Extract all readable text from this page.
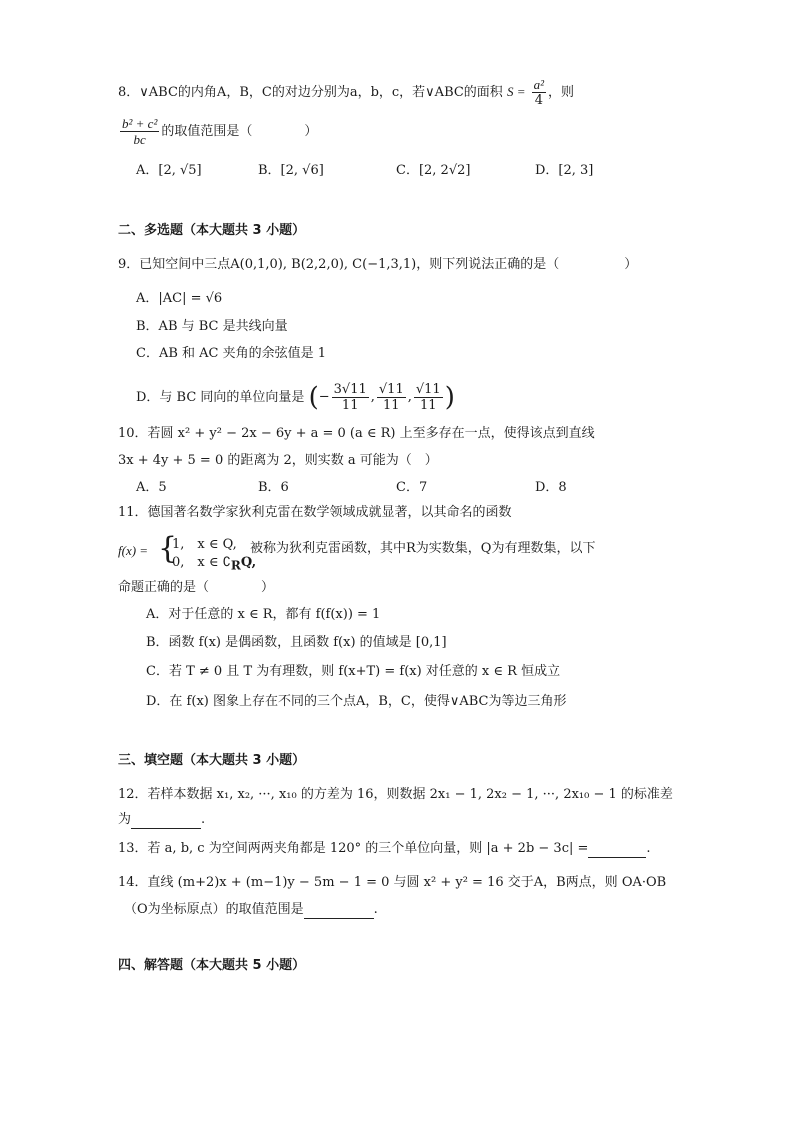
8．∨ABC的内角A，B，C的对边分别为a，b，c，若∨ABC的面积 $S = \frac{\text{a²}}{4}$ ，则
$\frac{\text{b² + c²}}{bc}$ 的取值范围是（　　　　）
A．[2, √5]	B．[2, √6]	C．[2, 2√2]	D．[2, 3]
二、多选题（本大题共 3 小题）
9．已知空间中三点A(0,1,0), B(2,2,0), C(−1,3,1)，则下列说法正确的是（　　　　　）
A．|AC| = √6
B．AB 与 BC 是共线向量
C．AB 和 AC 夹角的余弦值是 1
D．与 BC 同向的单位向量是 (− $\frac{3√11}{11}$ , $\frac{√11}{11}$ , $\frac{√11}{11}$ )
10．若圆 x² + y² − 2x − 6y + a = 0 (a ∈ R) 上至多存在一点，使得该点到直线
3x + 4y + 5 = 0 的距离为 2，则实数 a 可能为（　）
A．5	B．6	C．7	D．8
11．德国著名数学家狄利克雷在数学领域成就显著，以其命名的函数
f(x) = {
1,　x ∈ Q,
0,　x ∈ $∁_RQ$,
被称为狄利克雷函数，其中R为实数集，Q为有理数集，以下
命题正确的是（　　　　）
A．对于任意的 x ∈ R，都有 f(f(x)) = 1
B．函数 f(x) 是偶函数，且函数 f(x) 的值域是 [0,1]
C．若 T ≠ 0 且 T 为有理数，则 f(x+T) = f(x) 对任意的 x ∈ R 恒成立
D．在 f(x) 图象上存在不同的三个点A，B，C，使得∨ABC为等边三角形
三、填空题（本大题共 3 小题）
12．若样本数据 x₁, x₂, ···, x₁₀ 的方差为 16，则数据 2x₁ − 1, 2x₂ − 1, ···, 2x₁₀ − 1 的标准差
为	.
13．若 a, b, c 为空间两两夹角都是 120° 的三个单位向量，则 |a + 2b − 3c| =	.
14．直线 (m+2)x + (m−1)y − 5m − 1 = 0 与圆 x² + y² = 16 交于A，B两点，则 OA·OB
（O为坐标原点）的取值范围是	.
四、解答题（本大题共 5 小题）
